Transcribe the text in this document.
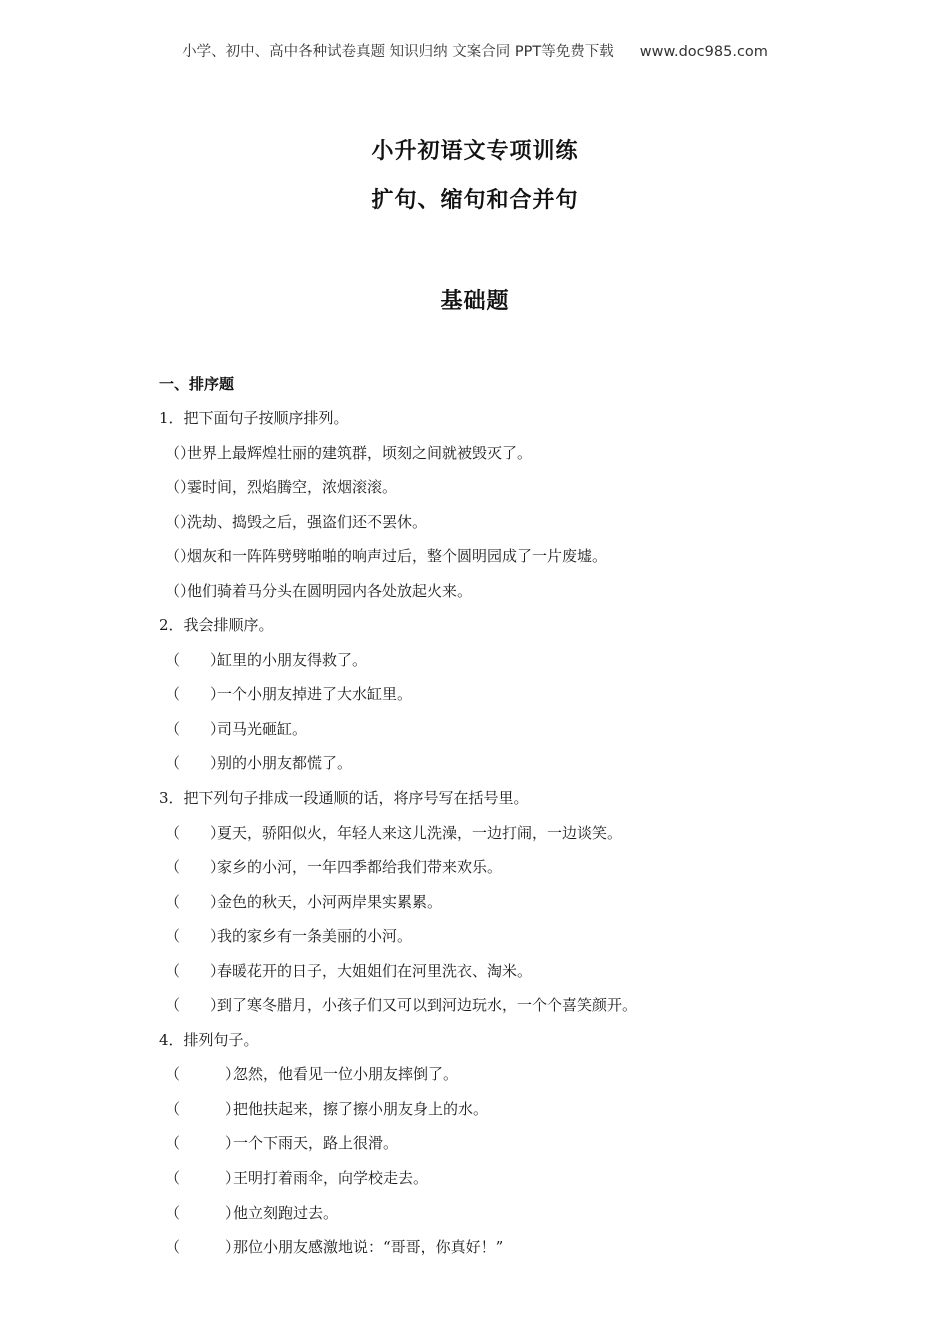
小学、初中、高中各种试卷真题 知识归纳 文案合同 PPT等免费下载 www.doc985.com
小升初语文专项训练
扩句、缩句和合并句
基础题
一、排序题
1．把下面句子按顺序排列。
（）世界上最辉煌壮丽的建筑群，顷刻之间就被毁灭了。
（）霎时间，烈焰腾空，浓烟滚滚。
（）洗劫、捣毁之后，强盗们还不罢休。
（）烟灰和一阵阵劈劈啪啪的响声过后，整个圆明园成了一片废墟。
（）他们骑着马分头在圆明园内各处放起火来。
2．我会排顺序。
（　　）缸里的小朋友得救了。
（　　）一个小朋友掉进了大水缸里。
（　　）司马光砸缸。
（　　）别的小朋友都慌了。
3．把下列句子排成一段通顺的话，将序号写在括号里。
（　　）夏天，骄阳似火，年轻人来这儿洗澡，一边打闹，一边谈笑。
（　　）家乡的小河，一年四季都给我们带来欢乐。
（　　）金色的秋天，小河两岸果实累累。
（　　）我的家乡有一条美丽的小河。
（　　）春暖花开的日子，大姐姐们在河里洗衣、淘米。
（　　）到了寒冬腊月，小孩子们又可以到河边玩水，一个个喜笑颜开。
4．排列句子。
（　　　）忽然，他看见一位小朋友摔倒了。
（　　　）把他扶起来，擦了擦小朋友身上的水。
（　　　）一个下雨天，路上很滑。
（　　　）王明打着雨伞，向学校走去。
（　　　）他立刻跑过去。
（　　　）那位小朋友感激地说：“哥哥，你真好！”
